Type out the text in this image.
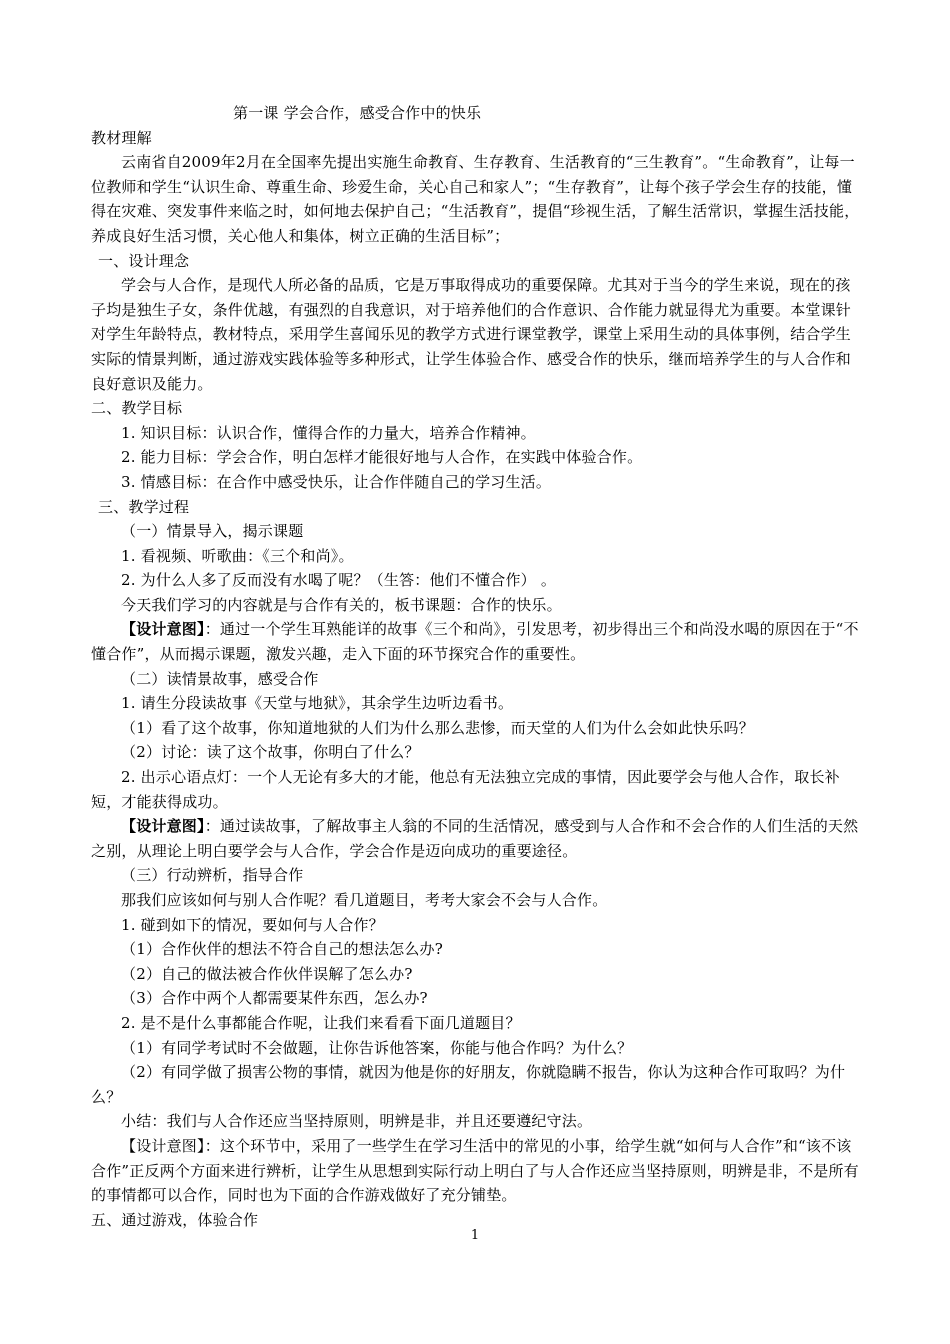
第一课 学会合作，感受合作中的快乐

教材理解

云南省自2009年2月在全国率先提出实施生命教育、生存教育、生活教育的“三生教育”。“生命教育”，让每一位教师和学生“认识生命、尊重生命、珍爱生命，关心自己和家人”；“生存教育”，让每个孩子学会生存的技能，懂得在灾难、突发事件来临之时，如何地去保护自己；“生活教育”，提倡“珍视生活，了解生活常识，掌握生活技能，养成良好生活习惯，关心他人和集体，树立正确的生活目标”；

一、设计理念

学会与人合作，是现代人所必备的品质，它是万事取得成功的重要保障。尤其对于当今的学生来说，现在的孩子均是独生子女，条件优越，有强烈的自我意识，对于培养他们的合作意识、合作能力就显得尤为重要。本堂课针对学生年龄特点，教材特点，采用学生喜闻乐见的教学方式进行课堂教学，课堂上采用生动的具体事例，结合学生实际的情景判断，通过游戏实践体验等多种形式，让学生体验合作、感受合作的快乐，继而培养学生的与人合作和良好意识及能力。

二、教学目标

1. 知识目标：认识合作，懂得合作的力量大，培养合作精神。

2. 能力目标：学会合作，明白怎样才能很好地与人合作，在实践中体验合作。

3. 情感目标：在合作中感受快乐，让合作伴随自己的学习生活。

三、教学过程

（一）情景导入，揭示课题

1. 看视频、听歌曲：《三个和尚》。

2. 为什么人多了反而没有水喝了呢？（生答：他们不懂合作） 。

今天我们学习的内容就是与合作有关的，板书课题：合作的快乐。

【设计意图】：通过一个学生耳熟能详的故事《三个和尚》，引发思考，初步得出三个和尚没水喝的原因在于“不懂合作”，从而揭示课题，激发兴趣，走入下面的环节探究合作的重要性。

（二）读情景故事，感受合作

1. 请生分段读故事《天堂与地狱》，其余学生边听边看书。

（1）看了这个故事，你知道地狱的人们为什么那么悲惨，而天堂的人们为什么会如此快乐吗？

（2）讨论：读了这个故事，你明白了什么？

2. 出示心语点灯：一个人无论有多大的才能，他总有无法独立完成的事情，因此要学会与他人合作，取长补短，才能获得成功。

【设计意图】：通过读故事，了解故事主人翁的不同的生活情况，感受到与人合作和不会合作的人们生活的天然之别，从理论上明白要学会与人合作，学会合作是迈向成功的重要途径。

（三）行动辨析，指导合作

那我们应该如何与别人合作呢？看几道题目，考考大家会不会与人合作。

1. 碰到如下的情况，要如何与人合作？

（1）合作伙伴的想法不符合自己的想法怎么办?

（2）自己的做法被合作伙伴误解了怎么办?

（3）合作中两个人都需要某件东西，怎么办?

2. 是不是什么事都能合作呢，让我们来看看下面几道题目？

（1）有同学考试时不会做题，让你告诉他答案，你能与他合作吗？为什么？

（2）有同学做了损害公物的事情，就因为他是你的好朋友，你就隐瞒不报告，你认为这种合作可取吗？为什么？

小结：我们与人合作还应当坚持原则，明辨是非，并且还要遵纪守法。

【设计意图】：这个环节中，采用了一些学生在学习生活中的常见的小事，给学生就“如何与人合作”和“该不该合作”正反两个方面来进行辨析，让学生从思想到实际行动上明白了与人合作还应当坚持原则，明辨是非，不是所有的事情都可以合作，同时也为下面的合作游戏做好了充分铺垫。

五、通过游戏，体验合作

1
